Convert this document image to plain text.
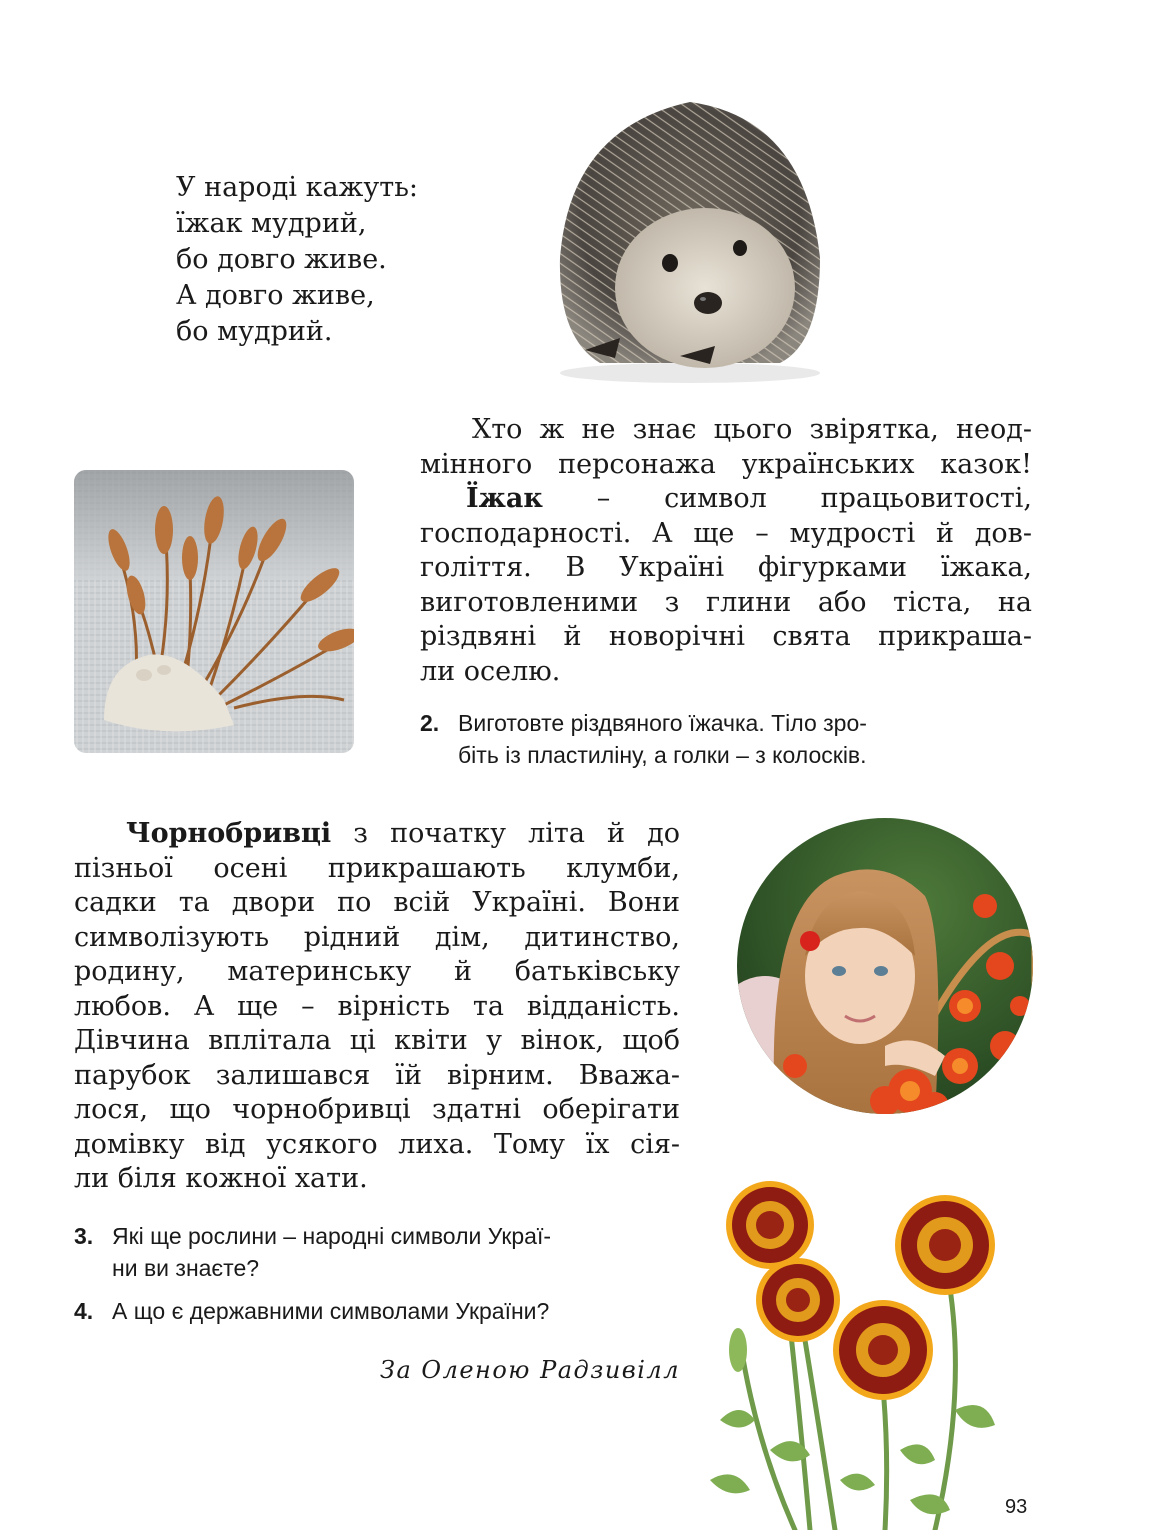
У народі кажуть:
їжак мудрий,
бо довго живе.
А довго живе,
бо мудрий.
Хто ж не знає цього звірятка, неод-
мінного персонажа українських казок!
Їжак – символ працьовитості,
господарності. А ще – мудрості й дов-
голіття. В Україні фігурками їжака,
виготовленими з глини або тіста, на
різдвяні й новорічні свята прикраша-
ли оселю.
2. Виготовте різдвяного їжачка. Тіло зро-
біть із пластиліну, а голки – з колосків.
Чорнобривці з початку літа й до
пізньої осені прикрашають клумби,
садки та двори по всій Україні. Вони
символізують рідний дім, дитинство,
родину, материнську й батьківську
любов. А ще – вірність та відданість.
Дівчина вплітала ці квіти у вінок, щоб
парубок залишався їй вірним. Вважа-
лося, що чорнобривці здатні оберігати
домівку від усякого лиха. Тому їх сія-
ли біля кожної хати.
3. Які ще рослини – народні символи Украї-
ни ви знаєте?
4. А що є державними символами України?
За Оленою Радзивілл
93
